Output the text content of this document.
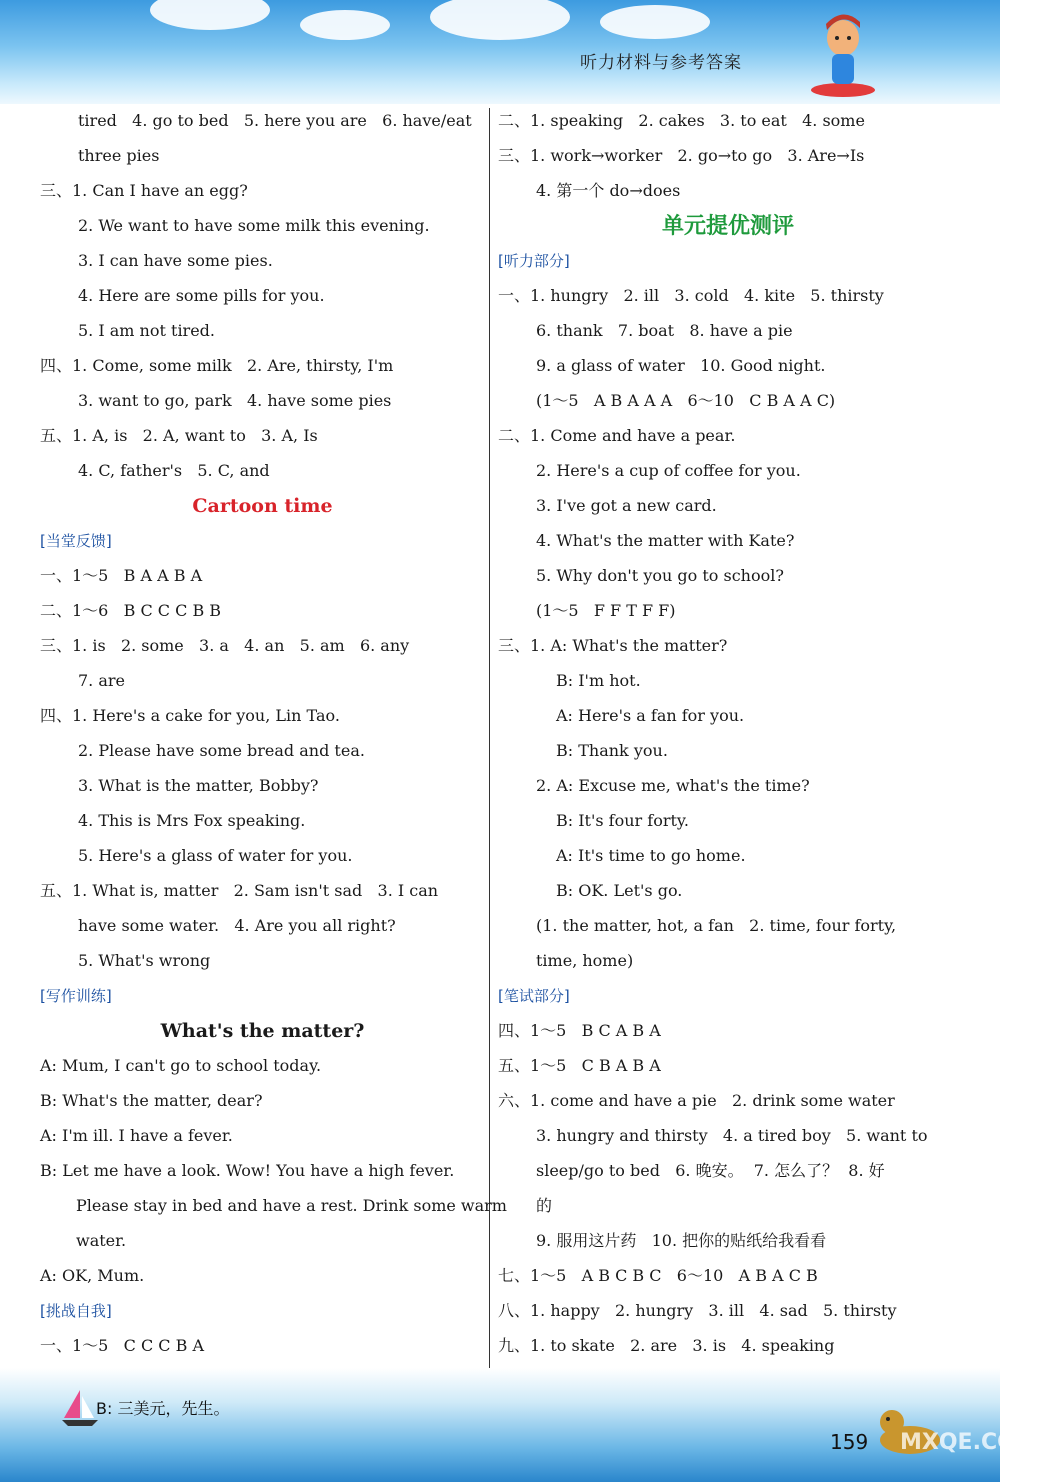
听力材料与参考答案
tired   4. go to bed   5. here you are   6. have/eat
three pies
三、1. Can I have an egg?
2. We want to have some milk this evening.
3. I can have some pies.
4. Here are some pills for you.
5. I am not tired.
四、1. Come, some milk   2. Are, thirsty, I'm
3. want to go, park   4. have some pies
五、1. A, is   2. A, want to   3. A, Is
4. C, father's   5. C, and
Cartoon time
[当堂反馈]
一、1～5   B A A B A
二、1～6   B C C C B B
三、1. is   2. some   3. a   4. an   5. am   6. any
7. are
四、1. Here's a cake for you, Lin Tao.
2. Please have some bread and tea.
3. What is the matter, Bobby?
4. This is Mrs Fox speaking.
5. Here's a glass of water for you.
五、1. What is, matter   2. Sam isn't sad   3. I can
have some water.   4. Are you all right?
5. What's wrong
[写作训练]
What's the matter?
A: Mum, I can't go to school today.
B: What's the matter, dear?
A: I'm ill. I have a fever.
B: Let me have a look. Wow! You have a high fever.
Please stay in bed and have a rest. Drink some warm
water.
A: OK, Mum.
[挑战自我]
一、1～5   C C C B A
二、1. speaking   2. cakes   3. to eat   4. some
三、1. work→worker   2. go→to go   3. Are→Is
4. 第一个 do→does
单元提优测评
[听力部分]
一、1. hungry   2. ill   3. cold   4. kite   5. thirsty
6. thank   7. boat   8. have a pie
9. a glass of water   10. Good night.
(1～5   A B A A A   6～10   C B A A C)
二、1. Come and have a pear.
2. Here's a cup of coffee for you.
3. I've got a new card.
4. What's the matter with Kate?
5. Why don't you go to school?
(1～5   F F T F F)
三、1. A: What's the matter?
B: I'm hot.
A: Here's a fan for you.
B: Thank you.
2. A: Excuse me, what's the time?
B: It's four forty.
A: It's time to go home.
B: OK. Let's go.
(1. the matter, hot, a fan   2. time, four forty,
time, home)
[笔试部分]
四、1～5   B C A B A
五、1～5   C B A B A
六、1. come and have a pie   2. drink some water
3. hungry and thirsty   4. a tired boy   5. want to
sleep/go to bed   6. 晚安。  7. 怎么了？  8. 好
的
9. 服用这片药   10. 把你的贴纸给我看看
七、1～5   A B C B C   6～10   A B A C B
八、1. happy   2. hungry   3. ill   4. sad   5. thirsty
九、1. to skate   2. are   3. is   4. speaking
B: 三美元，先生。
159 MXQE.COM
